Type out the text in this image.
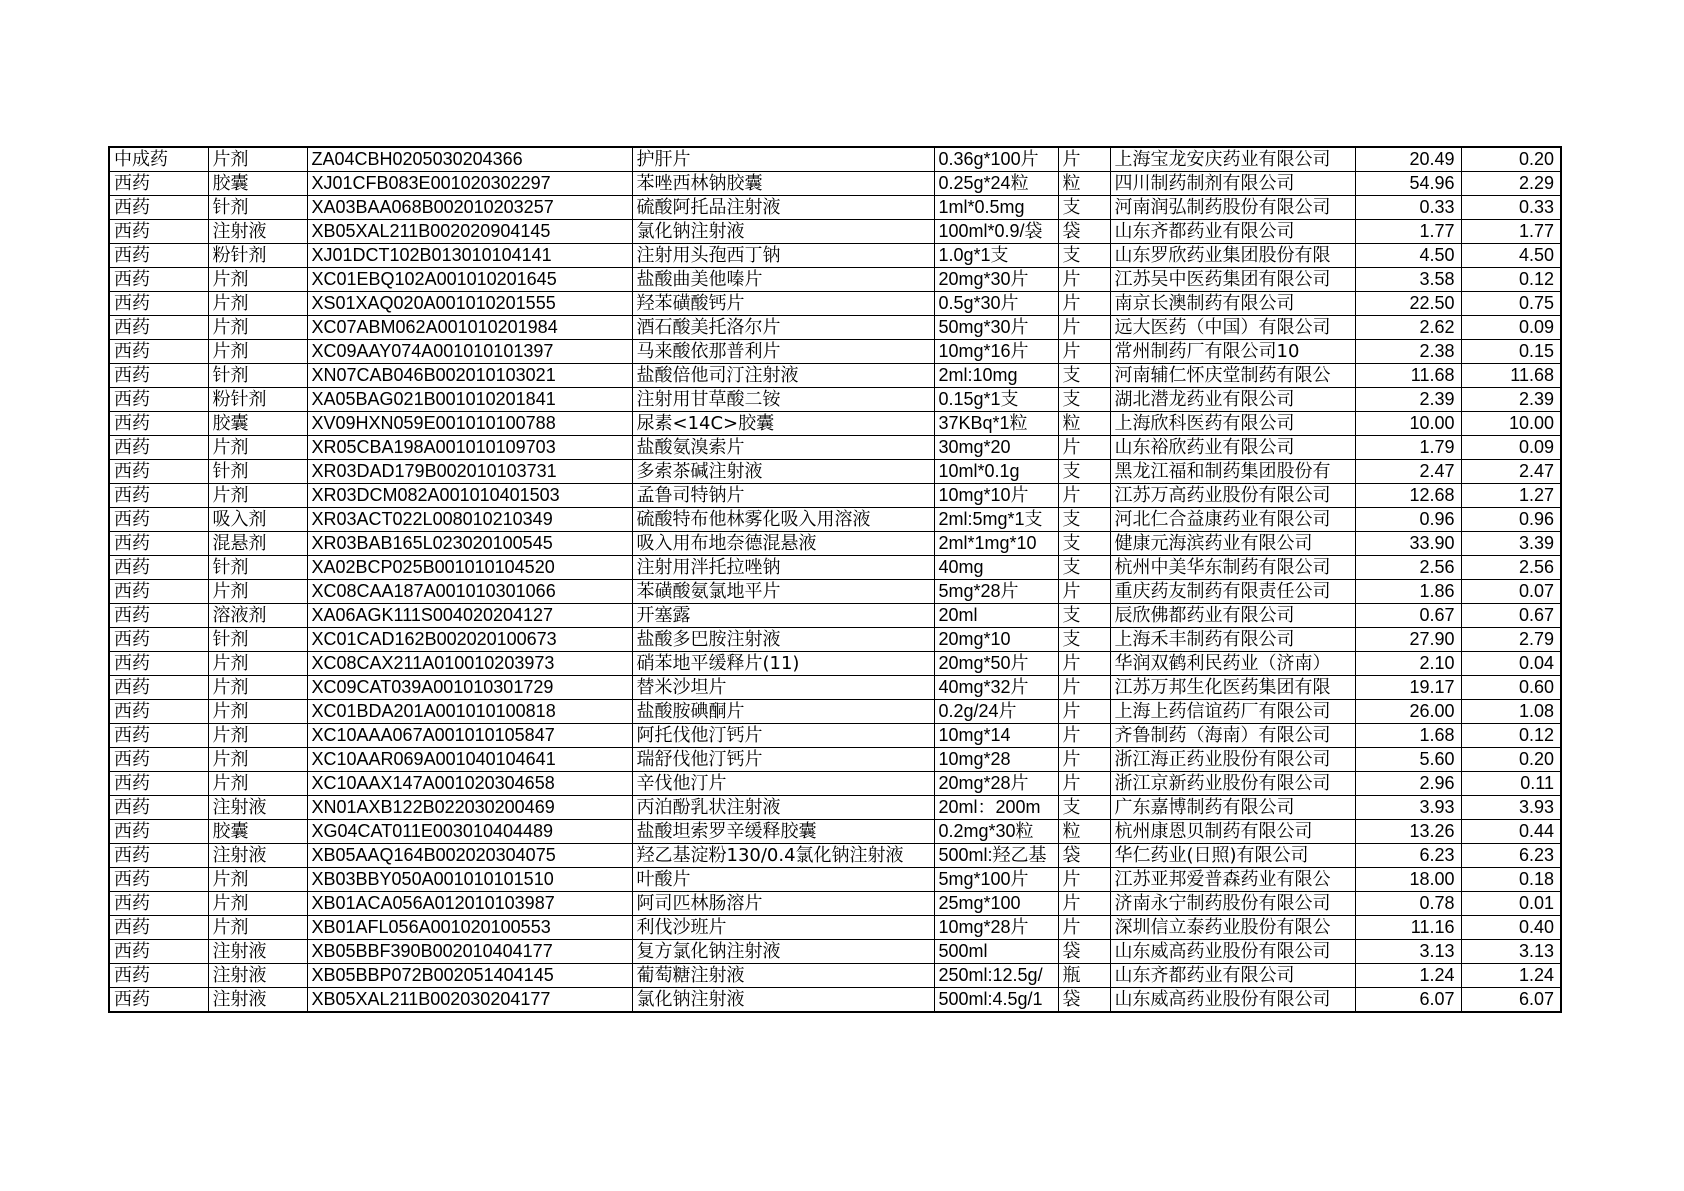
中成药	片剂	ZA04CBH0205030204366	护肝片	0.36g*100片	片	上海宝龙安庆药业有限公司	20.49	0.20
西药	胶囊	XJ01CFB083E001020302297	苯唑西林钠胶囊	0.25g*24粒	粒	四川制药制剂有限公司	54.96	2.29
西药	针剂	XA03BAA068B002010203257	硫酸阿托品注射液	1ml*0.5mg	支	河南润弘制药股份有限公司	0.33	0.33
西药	注射液	XB05XAL211B002020904145	氯化钠注射液	100ml*0.9/袋	袋	山东齐都药业有限公司	1.77	1.77
西药	粉针剂	XJ01DCT102B013010104141	注射用头孢西丁钠	1.0g*1支	支	山东罗欣药业集团股份有限	4.50	4.50
西药	片剂	XC01EBQ102A001010201645	盐酸曲美他嗪片	20mg*30片	片	江苏吴中医药集团有限公司	3.58	0.12
西药	片剂	XS01XAQ020A001010201555	羟苯磺酸钙片	0.5g*30片	片	南京长澳制药有限公司	22.50	0.75
西药	片剂	XC07ABM062A001010201984	酒石酸美托洛尔片	50mg*30片	片	远大医药（中国）有限公司	2.62	0.09
西药	片剂	XC09AAY074A001010101397	马来酸依那普利片	10mg*16片	片	常州制药厂有限公司10	2.38	0.15
西药	针剂	XN07CAB046B002010103021	盐酸倍他司汀注射液	2ml:10mg	支	河南辅仁怀庆堂制药有限公	11.68	11.68
西药	粉针剂	XA05BAG021B001010201841	注射用甘草酸二铵	0.15g*1支	支	湖北潜龙药业有限公司	2.39	2.39
西药	胶囊	XV09HXN059E001010100788	尿素<14C>胶囊	37KBq*1粒	粒	上海欣科医药有限公司	10.00	10.00
西药	片剂	XR05CBA198A001010109703	盐酸氨溴索片	30mg*20	片	山东裕欣药业有限公司	1.79	0.09
西药	针剂	XR03DAD179B002010103731	多索茶碱注射液	10ml*0.1g	支	黑龙江福和制药集团股份有	2.47	2.47
西药	片剂	XR03DCM082A001010401503	孟鲁司特钠片	10mg*10片	片	江苏万高药业股份有限公司	12.68	1.27
西药	吸入剂	XR03ACT022L008010210349	硫酸特布他林雾化吸入用溶液	2ml:5mg*1支	支	河北仁合益康药业有限公司	0.96	0.96
西药	混悬剂	XR03BAB165L023020100545	吸入用布地奈德混悬液	2ml*1mg*10	支	健康元海滨药业有限公司	33.90	3.39
西药	针剂	XA02BCP025B001010104520	注射用泮托拉唑钠	40mg	支	杭州中美华东制药有限公司	2.56	2.56
西药	片剂	XC08CAA187A001010301066	苯磺酸氨氯地平片	5mg*28片	片	重庆药友制药有限责任公司	1.86	0.07
西药	溶液剂	XA06AGK111S004020204127	开塞露	20ml	支	辰欣佛都药业有限公司	0.67	0.67
西药	针剂	XC01CAD162B002020100673	盐酸多巴胺注射液	20mg*10	支	上海禾丰制药有限公司	27.90	2.79
西药	片剂	XC08CAX211A010010203973	硝苯地平缓释片(11)	20mg*50片	片	华润双鹤利民药业（济南）	2.10	0.04
西药	片剂	XC09CAT039A001010301729	替米沙坦片	40mg*32片	片	江苏万邦生化医药集团有限	19.17	0.60
西药	片剂	XC01BDA201A001010100818	盐酸胺碘酮片	0.2g/24片	片	上海上药信谊药厂有限公司	26.00	1.08
西药	片剂	XC10AAA067A001010105847	阿托伐他汀钙片	10mg*14	片	齐鲁制药（海南）有限公司	1.68	0.12
西药	片剂	XC10AAR069A001040104641	瑞舒伐他汀钙片	10mg*28	片	浙江海正药业股份有限公司	5.60	0.20
西药	片剂	XC10AAX147A001020304658	辛伐他汀片	20mg*28片	片	浙江京新药业股份有限公司	2.96	0.11
西药	注射液	XN01AXB122B022030200469	丙泊酚乳状注射液	20ml：200m	支	广东嘉博制药有限公司	3.93	3.93
西药	胶囊	XG04CAT011E003010404489	盐酸坦索罗辛缓释胶囊	0.2mg*30粒	粒	杭州康恩贝制药有限公司	13.26	0.44
西药	注射液	XB05AAQ164B002020304075	羟乙基淀粉130/0.4氯化钠注射液	500ml:羟乙基	袋	华仁药业(日照)有限公司	6.23	6.23
西药	片剂	XB03BBY050A001010101510	叶酸片	5mg*100片	片	江苏亚邦爱普森药业有限公	18.00	0.18
西药	片剂	XB01ACA056A012010103987	阿司匹林肠溶片	25mg*100	片	济南永宁制药股份有限公司	0.78	0.01
西药	片剂	XB01AFL056A001020100553	利伐沙班片	10mg*28片	片	深圳信立泰药业股份有限公	11.16	0.40
西药	注射液	XB05BBF390B002010404177	复方氯化钠注射液	500ml	袋	山东威高药业股份有限公司	3.13	3.13
西药	注射液	XB05BBP072B002051404145	葡萄糖注射液	250ml:12.5g/	瓶	山东齐都药业有限公司	1.24	1.24
西药	注射液	XB05XAL211B002030204177	氯化钠注射液	500ml:4.5g/1	袋	山东威高药业股份有限公司	6.07	6.07
